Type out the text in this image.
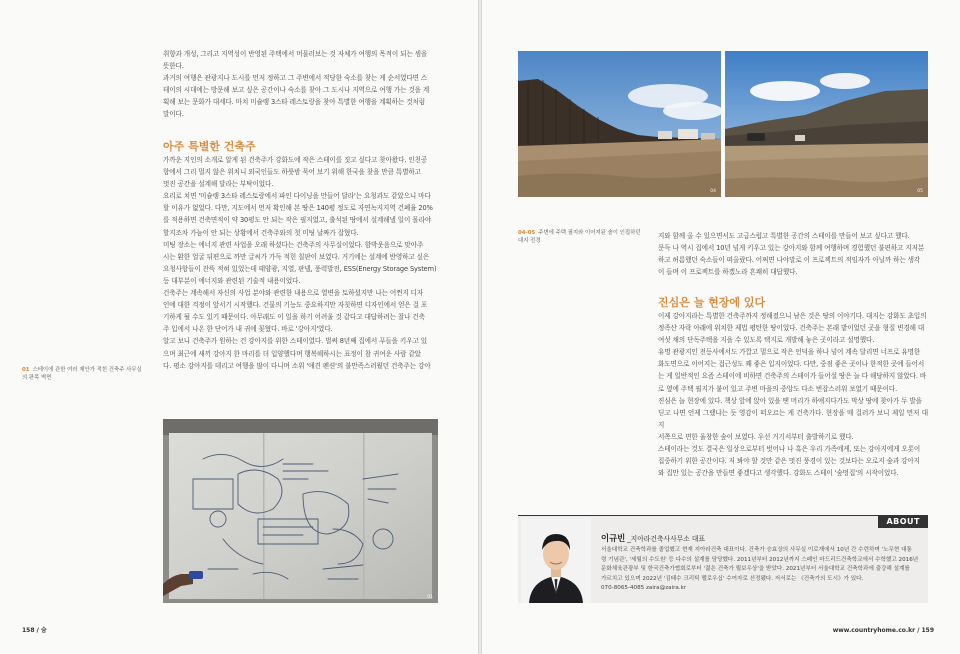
취향과 개성, 그리고 지역성이 반영된 주택에서 머물러보는 것 자체가 여행의 목적이 되는 셈을

뜻한다.

과거의 여행은 관광지나 도시를 먼저 정하고 그 주변에서 적당한 숙소를 찾는 게 순서였다면 스

테이의 시대에는 방문해 보고 싶은 공간이나 숙소를 찾아 그 도시나 지역으로 여행 가는 것을 계

획해 보는 문화가 대세다. 마치 미슐랭 3스타 레스토랑을 찾아 특별한 여행을 계획하는 것처럼

말이다.

아주 특별한 건축주

가까운 지인의 소개로 알게 된 건축주가 강화도에 작은 스테이를 짓고 싶다고 찾아왔다. 인천공

항에서 그리 멀지 않은 위치니 외국인들도 하룻밤 묵어 보기 위해 한국을 찾을 만큼 특별하고

멋진 공간을 설계해 달라는 부탁이었다.

요리로 치면 '미슐랭 3스타 레스토랑에서 파인 다이닝을 만들어 달라'는 요청과도 같았으니 마다

할 이유가 없었다. 다만, 지도에서 먼저 확인해 본 땅은 140평 정도로 자연녹지지역 건폐율 20%

를 적용하면 건축면적이 약 30평도 안 되는 작은 필지였고, 출석된 땅에서 설계해낼 일이 몰라야

할지조차 가늠이 안 되는 상황에서 건축주와의 첫 미팅 날짜가 잡혔다.

미팅 장소는 에너지 관련 사업을 오래 하셨다는 건축주의 사무실이었다. 함박웃음으로 맞아주

시는 환한 얼굴 뒤편으로 까만 글씨가 가득 적힌 칠판이 보였다. 거기에는 설계에 반영하고 싶은

요청사항들이 잔뜩 적혀 있었는데 태양광, 지열, 판넬, 풍력발전, ESS(Energy Storage System)

등 대부분이 에너지와 관련된 기술적 내용이었다.

건축주는 계속해서 자신의 사업 분야와 관련한 내용으로 열변을 토하셨지만 나는 어쩐지 디자

인에 대한 걱정이 앞서기 시작했다. 건물의 기능도 중요하지만 자칫하면 디자인에서 얻은 걸 포

기하게 될 수도 있기 때문이다. 아무래도 이 일을 하기 어려울 것 같다고 대답하려는 찰나 건축

주 입에서 나온 한 단어가 내 귀에 꽂혔다. 바로 '강아지'였다.

알고 보니 건축주가 원하는 건 강아지를 위한 스테이였다. 벌써 8년째 집에서 푸들을 키우고 있

으며 최근에 새끼 강아지 한 마리를 더 입양했다며 행복해하시는 표정이 참 귀여운 사람 같았

다. 평소 강아지를 데리고 여행을 많이 다니며 소위 '애견 펜션'의 불만족스러웠던 건축주는 강아

01 스테이에 관한 여러 제안가 적힌 건축주 사무실의 판목 벽면
01
158 / 숨
04	05
04-05 주변에 주택 필지와 이어져된 솔이 인접하던 대지 전경

지와 함께 올 수 있으면서도 고급스럽고 특별한 공간의 스테이를 만들어 보고 싶다고 했다.

문득 나 역시 집에서 10년 넘게 키우고 있는 강아지와 함께 여행하며 경험했던 불편하고 지저분

하고 허름했던 숙소들이 떠올랐다. 어쩌면 나야말로 이 프로젝트의 적임자가 아닐까 하는 생각

이 들며 이 프로젝트를 하겠노라 흔쾌히 대답했다.

진심은 늘 현장에 있다

이제 강아지라는 특별한 건축주까지 정해졌으니 남은 것은 땅의 이야기다. 대지는 강화도 초입의

정족산 자락 아래에 위치한 제법 평탄한 땅이었다. 건축주는 본래 밭이었던 곳을 형질 변경해 대

여섯 채의 단독주택을 지을 수 있도록 택지로 개발해 놓은 곳이라고 설명했다.

유명 관광지인 전등사에서도 가깝고 멀으로 작은 언덕을 하나 넘어 계속 달리면 너프로 유명한

화도면으로 이어지는 접근성도 꽤 좋은 입지이었다. 다만, 중점 좋은 곳이나 한적한 곳에 들어서

는 게 일반적인 요즘 스테이에 비하면 건축주의 스테이가 들어설 땅은 늘 다 해당하지 않았다. 바

로 옆에 주택 필지가 붙어 있고 주변 마을의 중앙도 다소 번잡스러워 보였기 때문이다.

진심은 늘 현장에 있다. 책상 앞에 앉아 있을 땐 머리가 하얘지다가도 막상 땅에 찾아가 두 발을

딛고 나면 언제 그랬냐는 듯 영감이 떠오르는 게 건축가다. 현장을 매 걸러가 보니 제일 먼저 대지

서쪽으로 면한 울창한 숲이 보였다. 우선 거기서부터 출발하기로 했다.

스테이라는 것도 결국은 일상으로부터 벗어나 나 혹은 우리 가족에게, 또는 강아지에게 오롯이

집중하기 위한 공간이다. 저 봐야 할 것만 같은 멋진 풍경이 있는 것보다는 오로지 숲과 강아지

와 집만 있는 공간을 만들면 좋겠다고 생각했다. 강화도 스테이 '숲멍집'의 시작이었다.

ABOUT
이규빈 _지아라건축사사무소 대표

서울대학교 건축학과를 졸업했고 현재 지아라건축 대표이다. 건축가 승효상의 사무실 이로재에서 10년 간 수련하며 '노무현 대통

령 기념관', '세월의 수도원' 등 다수의 설계를 담당했다. 2011년부터 2012년까지 스페인 마드리드건축학교에서 수학했고 2016년

문화체육관광부 및 한국건축가협회로부터 '젊은 건축가 뭘보우상'을 받았다. 2021년부터 서울대학교 건축학과에 출강해 설계를

가르치고 있으며 2022년 '김태수 크리틱 펠로우십' 수여자로 선정됐다. 저서로는 《건축가의 도시》가 있다.

070-8065-4085 zaira@zaira.kr

www.countryhome.co.kr / 159
